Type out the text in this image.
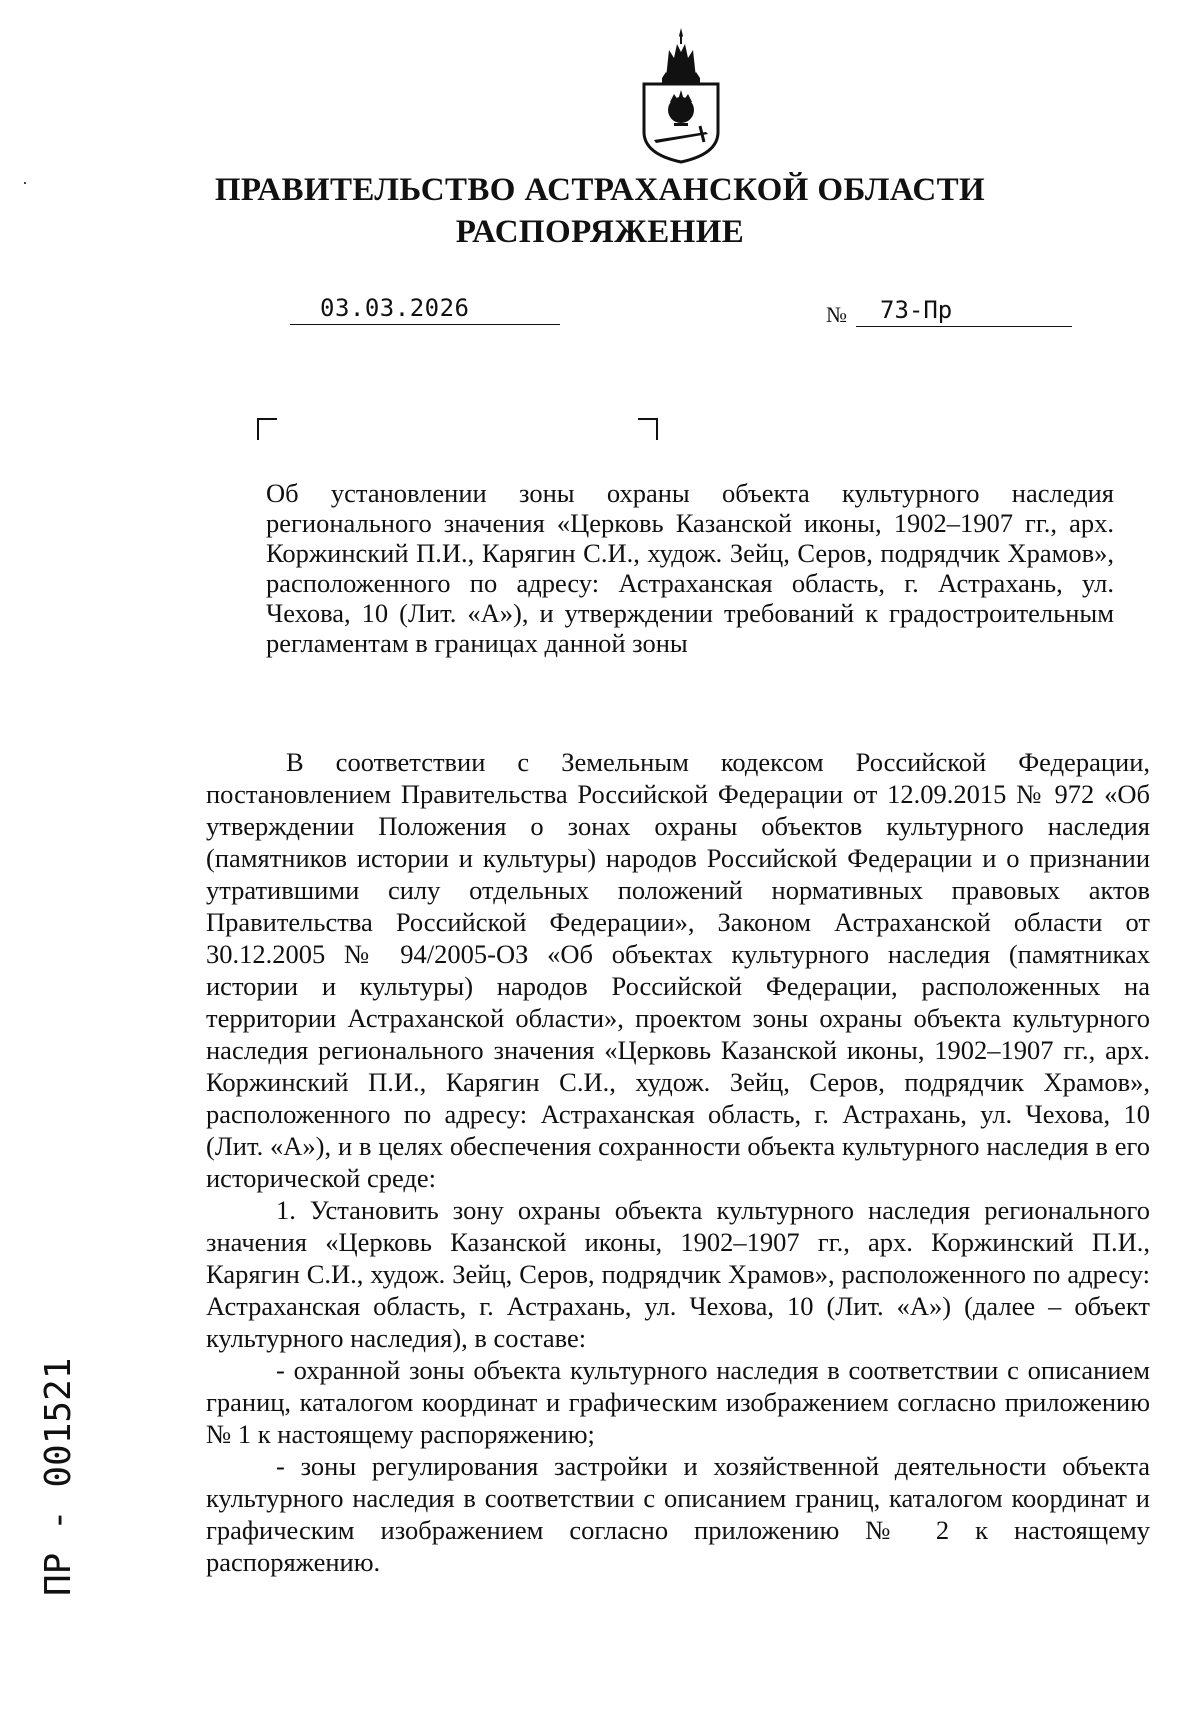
ПРАВИТЕЛЬСТВО АСТРАХАНСКОЙ ОБЛАСТИ
РАСПОРЯЖЕНИЕ
03.03.2026	№ 73-Пр
Об установлении зоны охраны объекта культурного наследия регионального значения «Церковь Казанской иконы, 1902–1907 гг., арх. Коржинский П.И., Карягин С.И., худож. Зейц, Серов, подрядчик Храмов», расположенного по адресу: Астраханская область, г. Астрахань, ул. Чехова, 10 (Лит. «А»), и утверждении требований к градостроительным регламентам в границах данной зоны

В соответствии с Земельным кодексом Российской Федерации, постановлением Правительства Российской Федерации от 12.09.2015 № 972 «Об утверждении Положения о зонах охраны объектов культурного наследия (памятников истории и культуры) народов Российской Федерации и о признании утратившими силу отдельных положений нормативных правовых актов Правительства Российской Федерации», Законом Астраханской области от 30.12.2005 № 94/2005-ОЗ «Об объектах культурного наследия (памятниках истории и культуры) народов Российской Федерации, расположенных на территории Астраханской области», проектом зоны охраны объекта культурного наследия регионального значения «Церковь Казанской иконы, 1902–1907 гг., арх. Коржинский П.И., Карягин С.И., худож. Зейц, Серов, подрядчик Храмов», расположенного по адресу: Астраханская область, г. Астрахань, ул. Чехова, 10 (Лит. «А»), и в целях обеспечения сохранности объекта культурного наследия в его исторической среде:

1. Установить зону охраны объекта культурного наследия регионального значения «Церковь Казанской иконы, 1902–1907 гг., арх. Коржинский П.И., Карягин С.И., худож. Зейц, Серов, подрядчик Храмов», расположенного по адресу: Астраханская область, г. Астрахань, ул. Чехова, 10 (Лит. «А») (далее – объект культурного наследия), в составе:

- охранной зоны объекта культурного наследия в соответствии с описанием границ, каталогом координат и графическим изображением согласно приложению № 1 к настоящему распоряжению;

- зоны регулирования застройки и хозяйственной деятельности объекта культурного наследия в соответствии с описанием границ, каталогом координат и графическим изображением согласно приложению № 2 к настоящему распоряжению.

ПР - 001521
